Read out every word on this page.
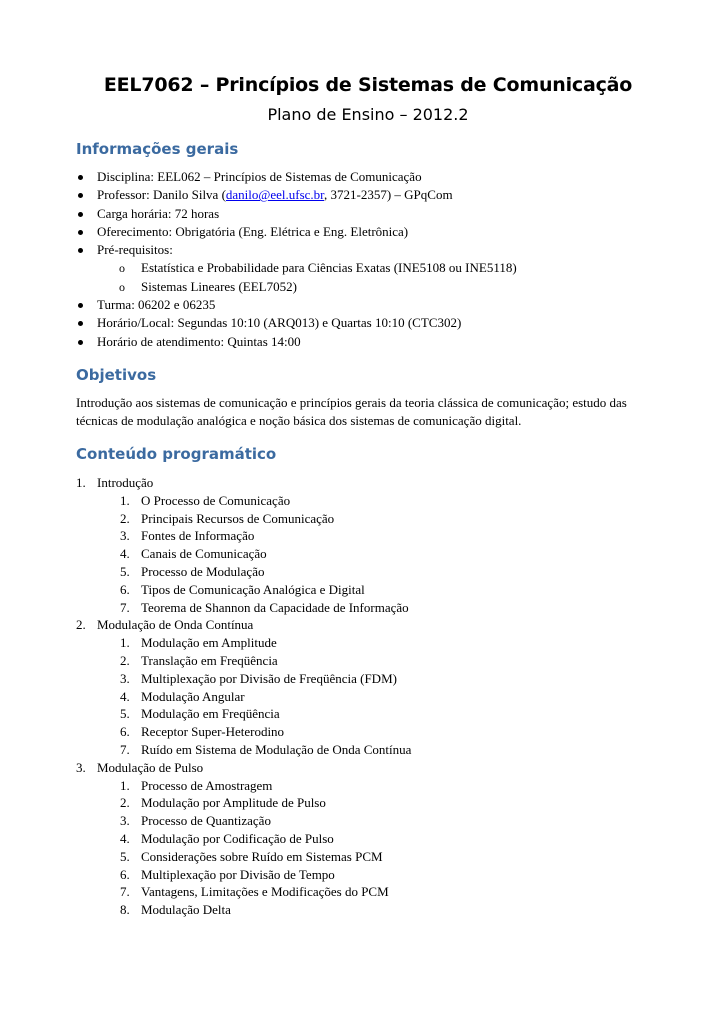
EEL7062 – Princípios de Sistemas de Comunicação
Plano de Ensino – 2012.2
Informações gerais
Disciplina: EEL062 – Princípios de Sistemas de Comunicação
Professor: Danilo Silva (danilo@eel.ufsc.br, 3721-2357) – GPqCom
Carga horária: 72 horas
Oferecimento: Obrigatória (Eng. Elétrica e Eng. Eletrônica)
Pré-requisitos:
o Estatística e Probabilidade para Ciências Exatas (INE5108 ou INE5118)
o Sistemas Lineares (EEL7052)
Turma: 06202 e 06235
Horário/Local: Segundas 10:10 (ARQ013) e Quartas 10:10 (CTC302)
Horário de atendimento: Quintas 14:00
Objetivos

Introdução aos sistemas de comunicação e princípios gerais da teoria clássica de comunicação; estudo das técnicas de modulação analógica e noção básica dos sistemas de comunicação digital.

Conteúdo programático
1. Introdução
1. O Processo de Comunicação
2. Principais Recursos de Comunicação
3. Fontes de Informação
4. Canais de Comunicação
5. Processo de Modulação
6. Tipos de Comunicação Analógica e Digital
7. Teorema de Shannon da Capacidade de Informação
2. Modulação de Onda Contínua
1. Modulação em Amplitude
2. Translação em Freqüência
3. Multiplexação por Divisão de Freqüência (FDM)
4. Modulação Angular
5. Modulação em Freqüência
6. Receptor Super-Heterodino
7. Ruído em Sistema de Modulação de Onda Contínua
3. Modulação de Pulso
1. Processo de Amostragem
2. Modulação por Amplitude de Pulso
3. Processo de Quantização
4. Modulação por Codificação de Pulso
5. Considerações sobre Ruído em Sistemas PCM
6. Multiplexação por Divisão de Tempo
7. Vantagens, Limitações e Modificações do PCM
8. Modulação Delta
